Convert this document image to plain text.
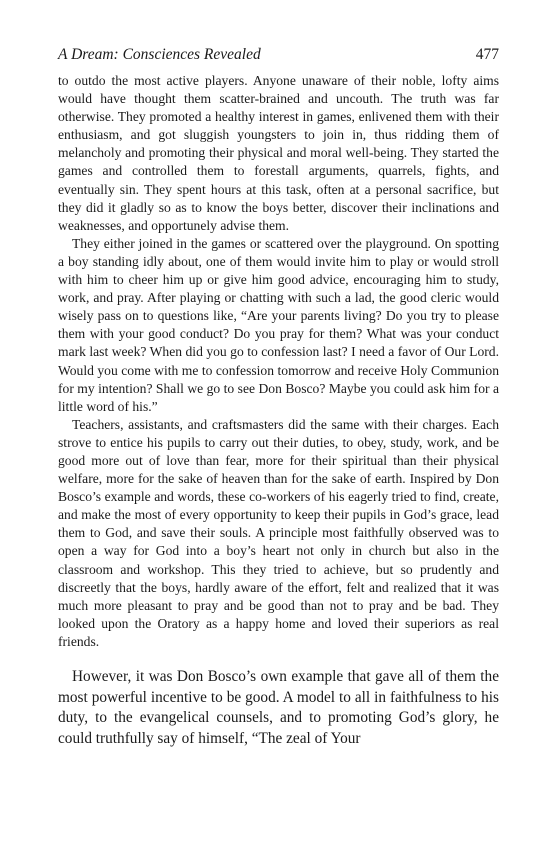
A Dream: Consciences Revealed	477

to outdo the most active players. Anyone unaware of their noble, lofty aims would have thought them scatter-brained and uncouth. The truth was far otherwise. They promoted a healthy interest in games, enlivened them with their enthusiasm, and got sluggish youngsters to join in, thus ridding them of melancholy and promoting their physical and moral well-being. They started the games and controlled them to forestall arguments, quarrels, fights, and eventually sin. They spent hours at this task, often at a personal sacrifice, but they did it gladly so as to know the boys better, discover their inclinations and weaknesses, and opportunely advise them.

They either joined in the games or scattered over the playground. On spotting a boy standing idly about, one of them would invite him to play or would stroll with him to cheer him up or give him good advice, encouraging him to study, work, and pray. After playing or chatting with such a lad, the good cleric would wisely pass on to questions like, “Are your parents living? Do you try to please them with your good conduct? Do you pray for them? What was your conduct mark last week? When did you go to confession last? I need a favor of Our Lord. Would you come with me to confession tomorrow and receive Holy Communion for my intention? Shall we go to see Don Bosco? Maybe you could ask him for a little word of his.”

Teachers, assistants, and craftsmasters did the same with their charges. Each strove to entice his pupils to carry out their duties, to obey, study, work, and be good more out of love than fear, more for their spiritual than their physical welfare, more for the sake of heaven than for the sake of earth. Inspired by Don Bosco’s example and words, these co-workers of his eagerly tried to find, create, and make the most of every opportunity to keep their pupils in God’s grace, lead them to God, and save their souls. A principle most faithfully observed was to open a way for God into a boy’s heart not only in church but also in the classroom and workshop. This they tried to achieve, but so prudently and discreetly that the boys, hardly aware of the effort, felt and realized that it was much more pleasant to pray and be good than not to pray and be bad. They looked upon the Oratory as a happy home and loved their superiors as real friends.

However, it was Don Bosco’s own example that gave all of them the most powerful incentive to be good. A model to all in faithfulness to his duty, to the evangelical counsels, and to promoting God’s glory, he could truthfully say of himself, “The zeal of Your
